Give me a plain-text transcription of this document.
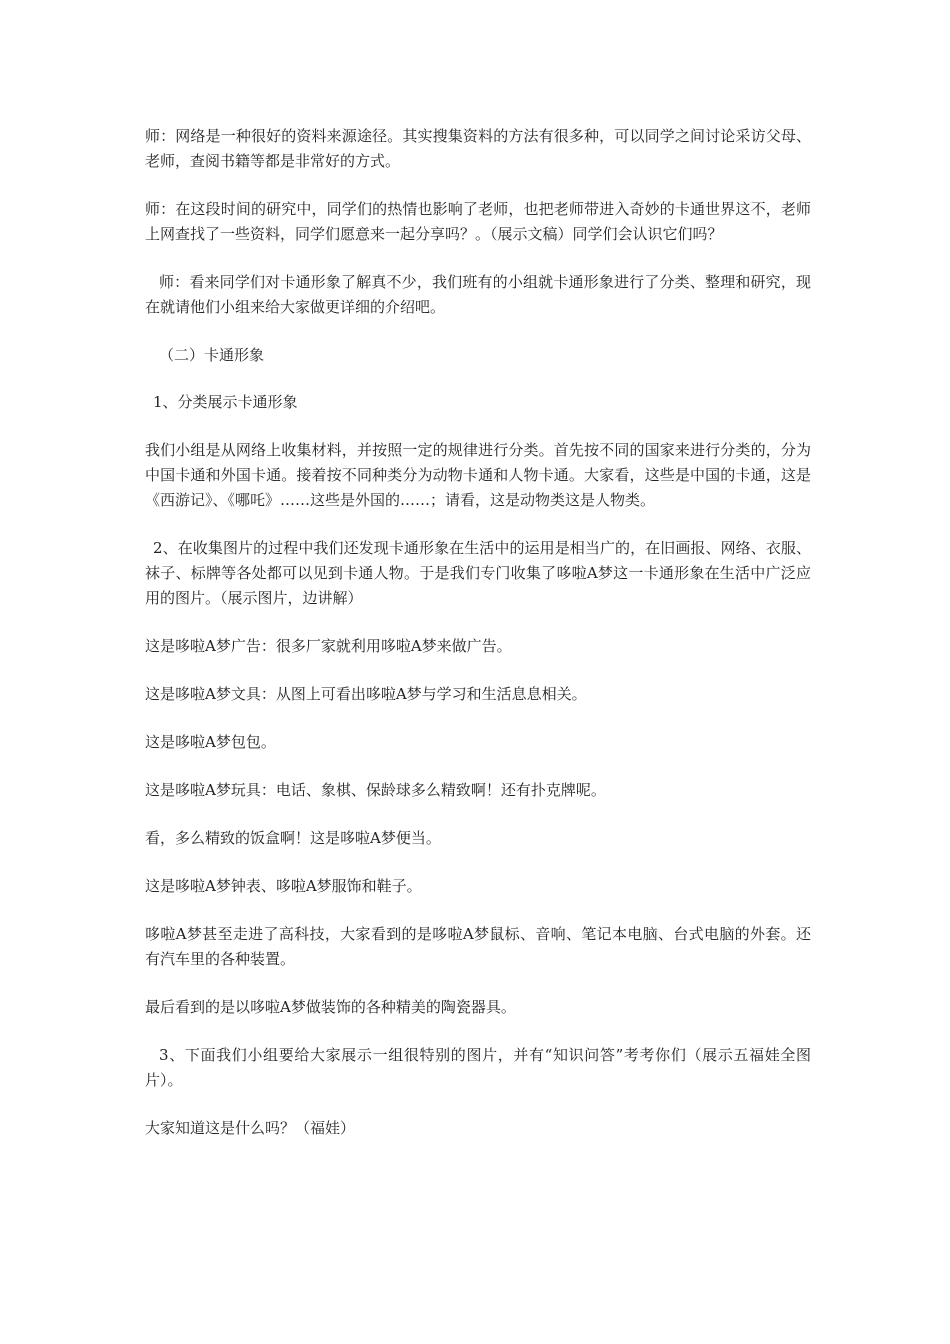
师：网络是一种很好的资料来源途径。其实搜集资料的方法有很多种，可以同学之间讨论采访父母、老师，查阅书籍等都是非常好的方式。

师：在这段时间的研究中，同学们的热情也影响了老师，也把老师带进入奇妙的卡通世界这不，老师上网查找了一些资料，同学们愿意来一起分享吗？。（展示文稿）同学们会认识它们吗？

师：看来同学们对卡通形象了解真不少，我们班有的小组就卡通形象进行了分类、整理和研究，现在就请他们小组来给大家做更详细的介绍吧。

（二）卡通形象

1、分类展示卡通形象

我们小组是从网络上收集材料，并按照一定的规律进行分类。首先按不同的国家来进行分类的，分为中国卡通和外国卡通。接着按不同种类分为动物卡通和人物卡通。大家看，这些是中国的卡通，这是《西游记》、《哪吒》……这些是外国的……；请看，这是动物类这是人物类。

2、在收集图片的过程中我们还发现卡通形象在生活中的运用是相当广的，在旧画报、网络、衣服、袜子、标牌等各处都可以见到卡通人物。于是我们专门收集了哆啦A梦这一卡通形象在生活中广泛应用的图片。（展示图片，边讲解）

这是哆啦A梦广告：很多厂家就利用哆啦A梦来做广告。

这是哆啦A梦文具：从图上可看出哆啦A梦与学习和生活息息相关。

这是哆啦A梦包包。

这是哆啦A梦玩具：电话、象棋、保龄球多么精致啊！还有扑克牌呢。

看，多么精致的饭盒啊！这是哆啦A梦便当。

这是哆啦A梦钟表、哆啦A梦服饰和鞋子。

哆啦A梦甚至走进了高科技，大家看到的是哆啦A梦鼠标、音响、笔记本电脑、台式电脑的外套。还有汽车里的各种装置。

最后看到的是以哆啦A梦做装饰的各种精美的陶瓷器具。

3、下面我们小组要给大家展示一组很特别的图片，并有“知识问答”考考你们（展示五福娃全图片）。

大家知道这是什么吗？（福娃）
